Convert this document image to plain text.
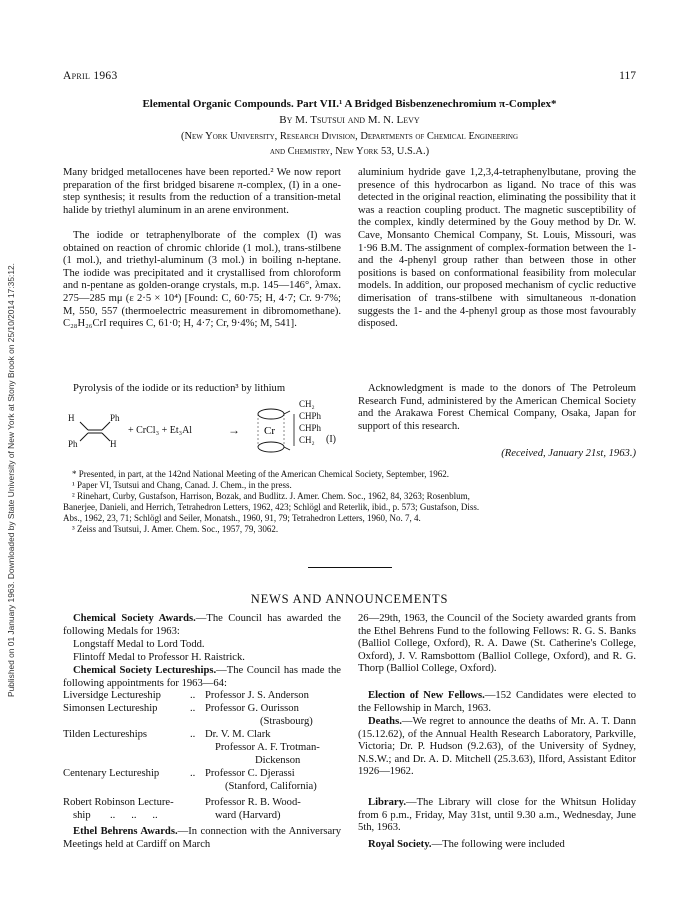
Published on 01 January 1963. Downloaded by State University of New York at Stony Brook on 25/10/2014 17:35:12.
April 1963	117
Elemental Organic Compounds. Part VII.¹ A Bridged Bisbenzenechromium π-Complex*
By M. Tsutsui and M. N. Levy
(New York University, Research Division, Departments of Chemical Engineering
and Chemistry, New York 53, U.S.A.)

Many bridged metallocenes have been reported.² We now report preparation of the first bridged bisarene π-complex, (I) in a one-step synthesis; it results from the reduction of a transition-metal halide by triethyl aluminum in an arene environment.

The iodide or tetraphenylborate of the complex (I) was obtained on reaction of chromic chloride (1 mol.), trans-stilbene (1 mol.), and triethyl-aluminum (3 mol.) in boiling n-heptane. The iodide was precipitated and it crystallised from chloroform and n-pentane as golden-orange crystals, m.p. 145—146°, λmax. 275—285 mμ (ε 2·5 × 10⁴) [Found: C, 60·75; H, 4·7; Cr. 9·7%; M, 550, 557 (thermoelectric measurement in dibromomethane). C₂₈H₂₆CrI requires C, 61·0; H, 4·7; Cr, 9·4%; M, 541].

Pyrolysis of the iodide or its reduction³ by lithium

Cr
H	Ph
Ph	H
+ CrCl₃ + Et₃Al	→
CH₂
CHPh
CHPh
CH₂ (I)

aluminium hydride gave 1,2,3,4-tetraphenylbutane, proving the presence of this hydrocarbon as ligand. No trace of this was detected in the original reaction, eliminating the possibility that it was a reaction coupling product. The magnetic susceptibility of the complex, kindly determined by the Gouy method by Dr. W. Cave, Monsanto Chemical Company, St. Louis, Missouri, was 1·96 B.M. The assignment of complex-formation between the 1- and the 4-phenyl group rather than between those in other positions is based on conformational feasibility from molecular models. In addition, our proposed mechanism of cyclic reductive dimerisation of trans-stilbene with simultaneous π-donation suggests the 1- and the 4-phenyl group as those most favourably disposed.

Acknowledgment is made to the donors of The Petroleum Research Fund, administered by the American Chemical Society and the Arakawa Forest Chemical Company, Osaka, Japan for support of this research.

(Received, January 21st, 1963.)

* Presented, in part, at the 142nd National Meeting of the American Chemical Society, September, 1962.

¹ Paper VI, Tsutsui and Chang, Canad. J. Chem., in the press.

² Rinehart, Curby, Gustafson, Harrison, Bozak, and Budlitz. J. Amer. Chem. Soc., 1962, 84, 3263; Rosenblum,

Banerjee, Danieli, and Herrich, Tetrahedron Letters, 1962, 423; Schlögl and Reterlik, ibid., p. 573; Gustafson, Diss.

Abs., 1962, 23, 71; Schlögl and Seiler, Monatsh., 1960, 91, 79; Tetrahedron Letters, 1960, No. 7, 4.

³ Zeiss and Tsutsui, J. Amer. Chem. Soc., 1957, 79, 3062.

NEWS AND ANNOUNCEMENTS

Chemical Society Awards.—The Council has awarded the following Medals for 1963:

Longstaff Medal to Lord Todd.
Flintoff Medal to Professor H. Raistrick.

Chemical Society Lectureships.—The Council has made the following appointments for 1963—64:

Liversidge Lectureship	.. Professor J. S. Anderson
Simonsen Lectureship	.. Professor G. Ourisson
(Strasbourg)
Tilden Lectureships	.. Dr. V. M. Clark
Professor A. F. Trotman-
Dickenson
Centenary Lectureship	.. Professor C. Djerassi
(Stanford, California)
Robert Robinson Lecture-	Professor R. B. Wood-
ship ..      ..      ..	ward (Harvard)

Ethel Behrens Awards.—In connection with the Anniversary Meetings held at Cardiff on March

26—29th, 1963, the Council of the Society awarded grants from the Ethel Behrens Fund to the following Fellows: R. G. S. Banks (Balliol College, Oxford), R. A. Dawe (St. Catherine's College, Oxford), J. V. Ramsbottom (Balliol College, Oxford), and R. G. Thorp (Balliol College, Oxford).

Election of New Fellows.—152 Candidates were elected to the Fellowship in March, 1963.

Deaths.—We regret to announce the deaths of Mr. A. T. Dann (15.12.62), of the Annual Health Research Laboratory, Parkville, Victoria; Dr. P. Hudson (9.2.63), of the University of Sydney, N.S.W.; and Dr. A. D. Mitchell (25.3.63), Ilford, Assistant Editor 1926—1962.

Library.—The Library will close for the Whitsun Holiday from 6 p.m., Friday, May 31st, until 9.30 a.m., Wednesday, June 5th, 1963.

Royal Society.—The following were included
